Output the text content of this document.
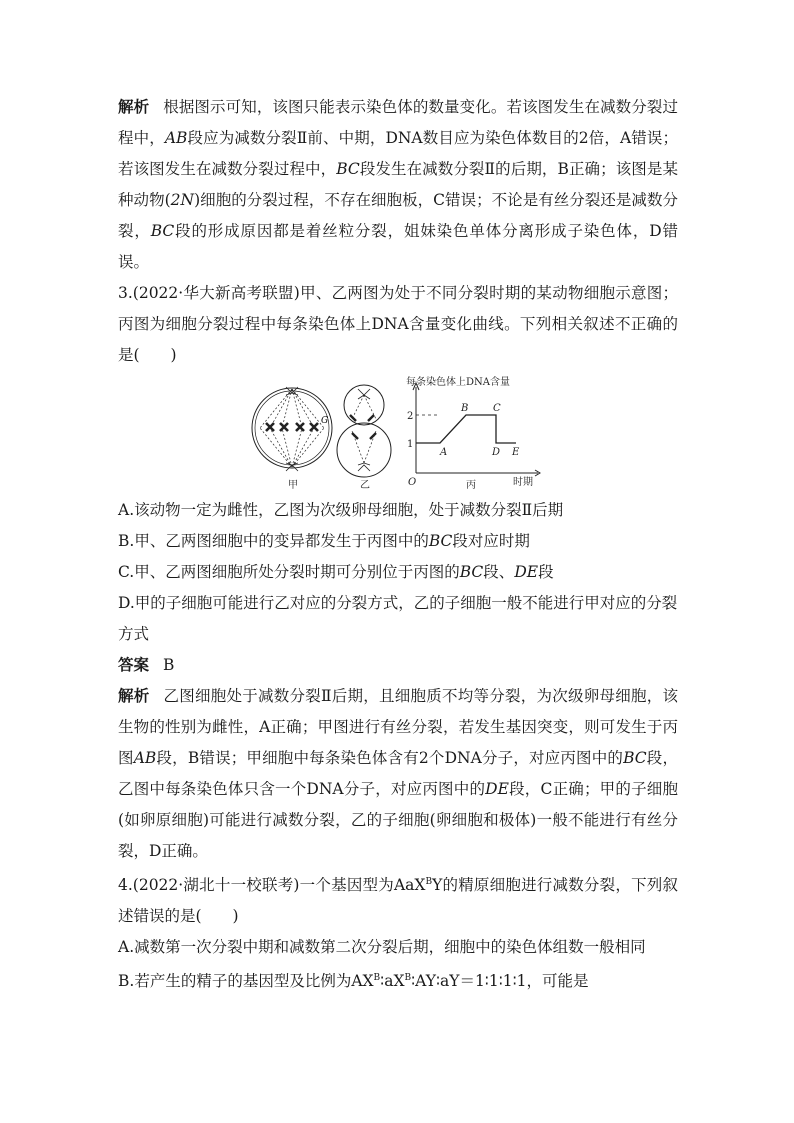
解析 根据图示可知，该图只能表示染色体的数量变化。若该图发生在减数分裂过程中，AB段应为减数分裂Ⅱ前、中期，DNA数目应为染色体数目的2倍，A错误；若该图发生在减数分裂过程中，BC段发生在减数分裂Ⅱ的后期，B正确；该图是某种动物(2N)细胞的分裂过程，不存在细胞板，C错误；不论是有丝分裂还是减数分裂，BC段的形成原因都是着丝粒分裂，姐妹染色单体分离形成子染色体，D错误。

3.(2022·华大新高考联盟)甲、乙两图为处于不同分裂时期的某动物细胞示意图；丙图为细胞分裂过程中每条染色体上DNA含量变化曲线。下列相关叙述不正确的是(　　)

G
每条染色体上DNA含量
2
1
O	时期
A
B C
D E
甲	乙	丙

A.该动物一定为雌性，乙图为次级卵母细胞，处于减数分裂Ⅱ后期

B.甲、乙两图细胞中的变异都发生于丙图中的BC段对应时期

C.甲、乙两图细胞所处分裂时期可分别位于丙图的BC段、DE段

D.甲的子细胞可能进行乙对应的分裂方式，乙的子细胞一般不能进行甲对应的分裂方式

答案 B

解析 乙图细胞处于减数分裂Ⅱ后期，且细胞质不均等分裂，为次级卵母细胞，该生物的性别为雌性，A正确；甲图进行有丝分裂，若发生基因突变，则可发生于丙图AB段，B错误；甲细胞中每条染色体含有2个DNA分子，对应丙图中的BC段，乙图中每条染色体只含一个DNA分子，对应丙图中的DE段，C正确；甲的子细胞(如卵原细胞)可能进行减数分裂，乙的子细胞(卵细胞和极体)一般不能进行有丝分裂，D正确。

4.(2022·湖北十一校联考)一个基因型为AaX$^B$Y的精原细胞进行减数分裂，下列叙述错误的是(　　)

A.减数第一次分裂中期和减数第二次分裂后期，细胞中的染色体组数一般相同

B.若产生的精子的基因型及比例为$AX^B∶aX^B∶AY∶aY=1∶1∶1∶1$，可能是
